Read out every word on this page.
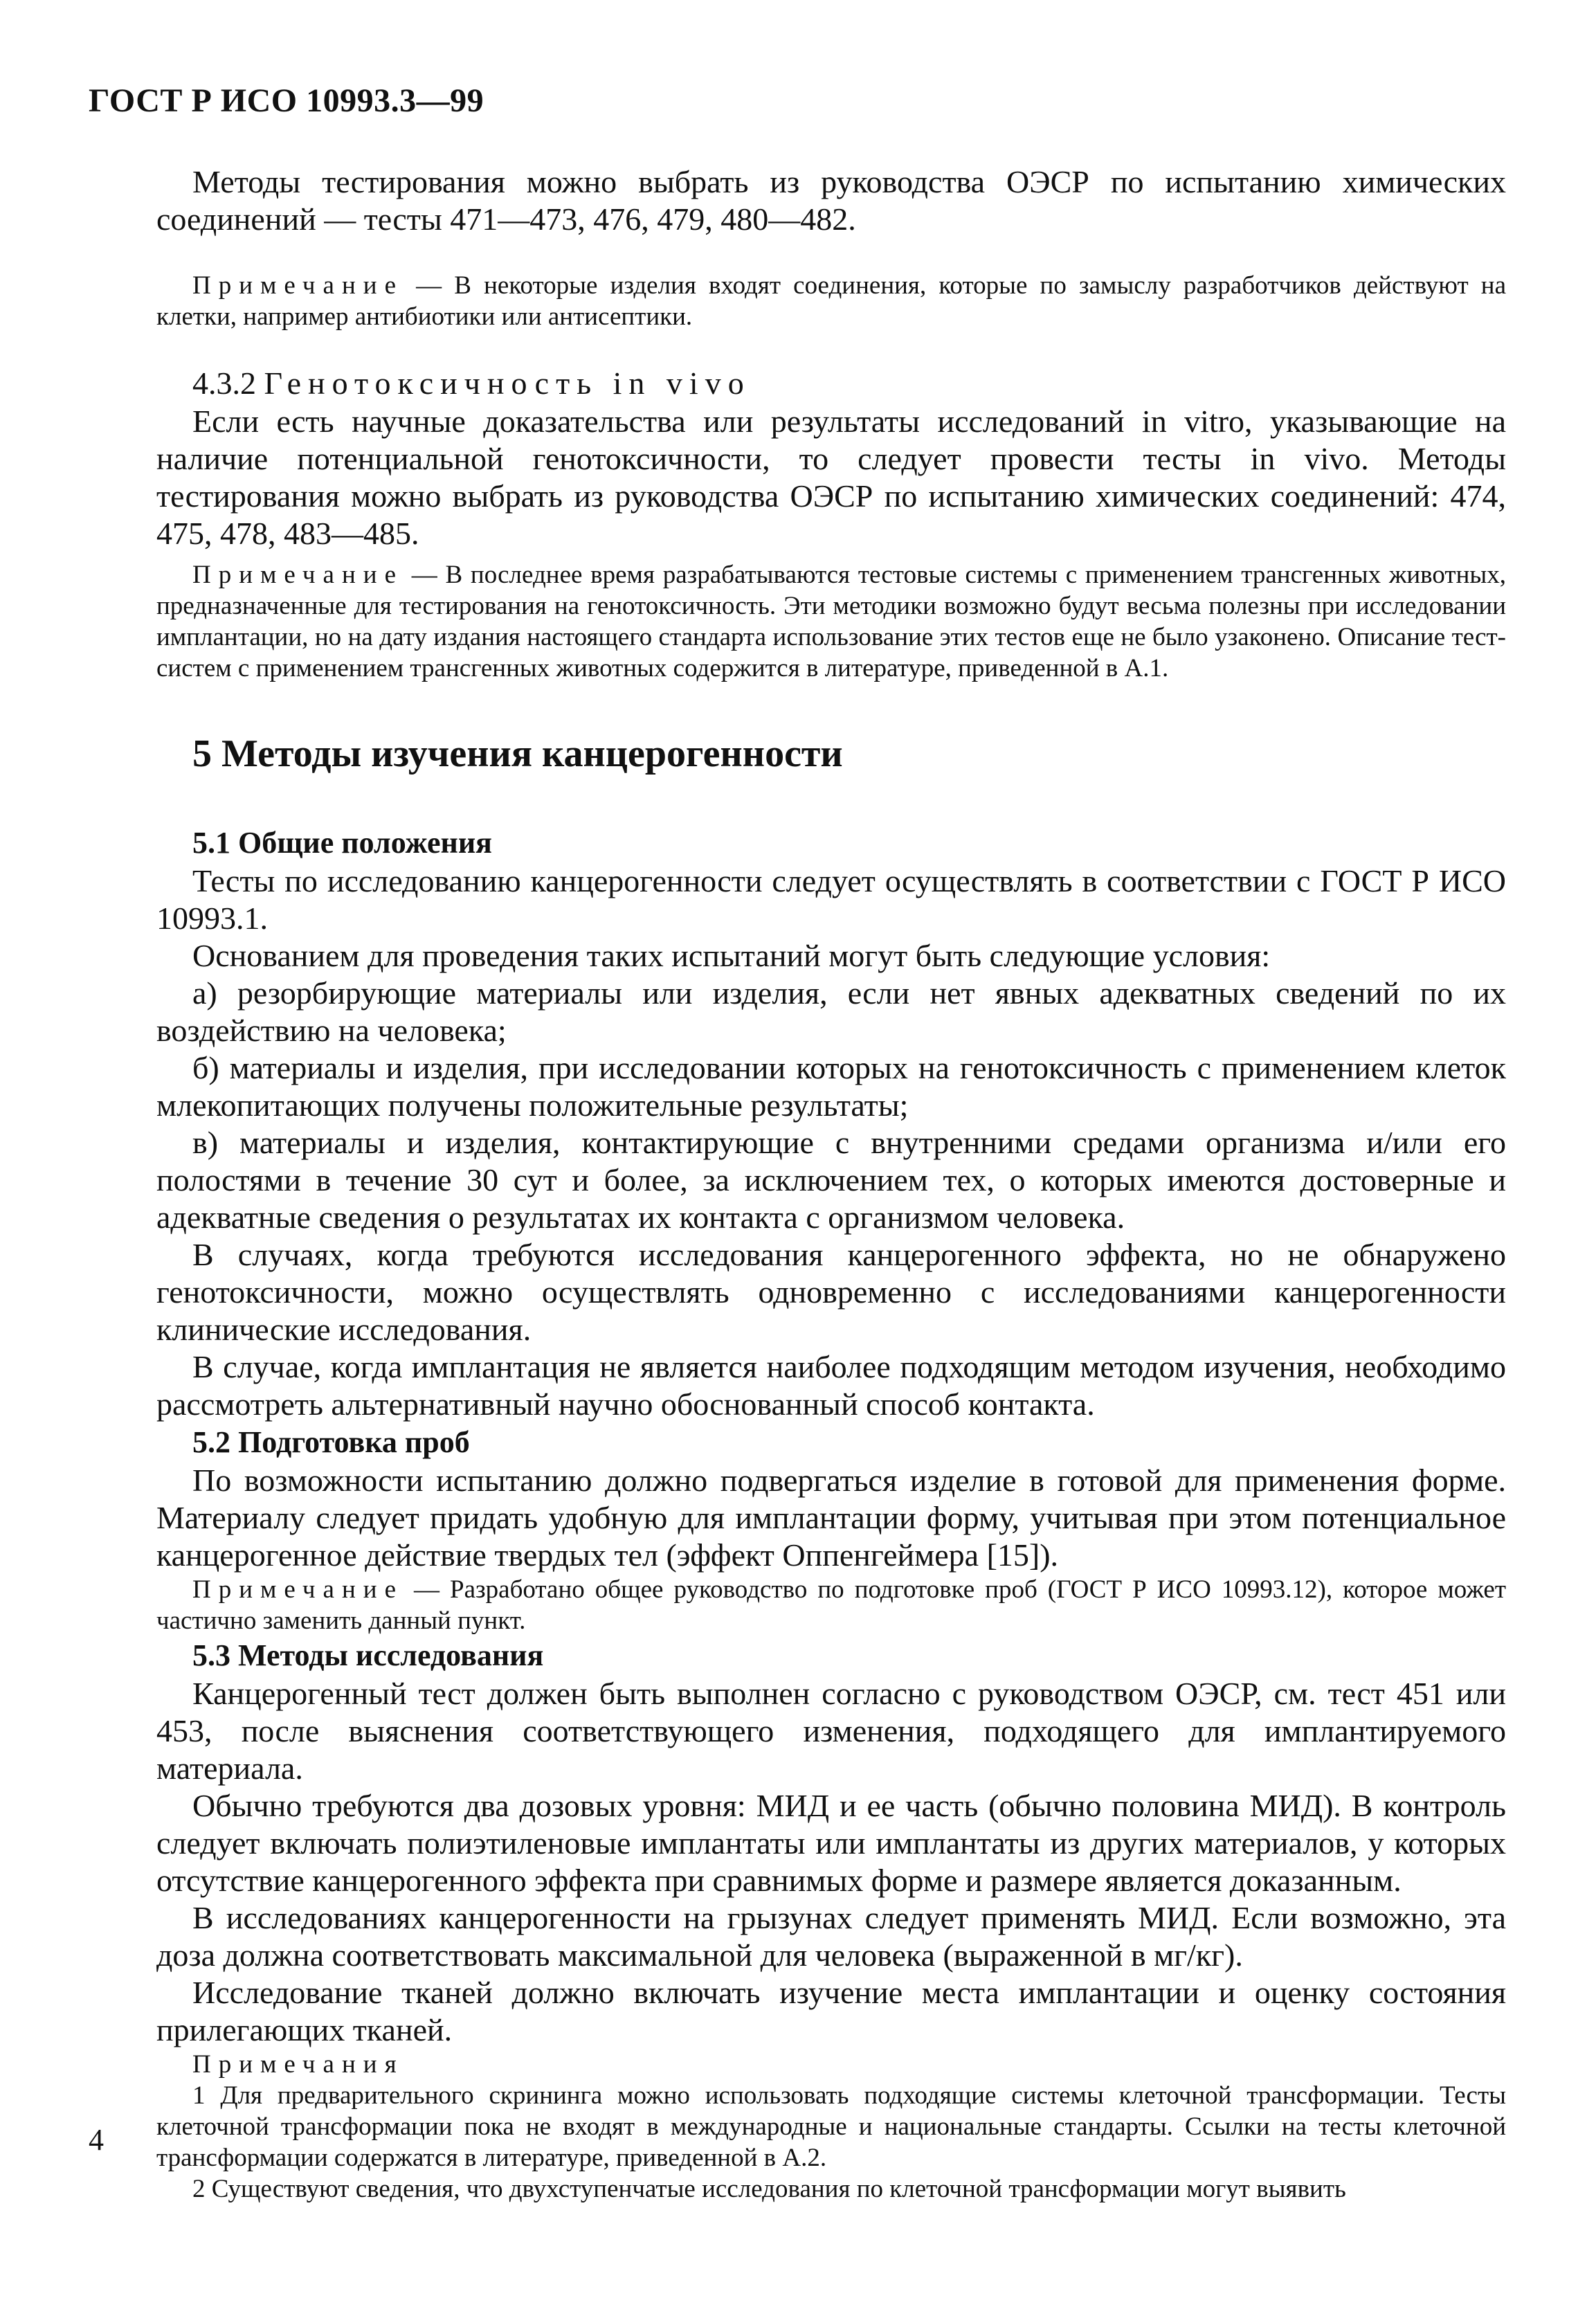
ГОСТ Р ИСО 10993.3—99

Методы тестирования можно выбрать из руководства ОЭСР по испытанию химических соединений — тесты 471—473, 476, 479, 480—482.

Примечание — В некоторые изделия входят соединения, которые по замыслу разработчиков действуют на клетки, например антибиотики или антисептики.

4.3.2 Генотоксичность in vivo

Если есть научные доказательства или результаты исследований in vitro, указывающие на наличие потенциальной генотоксичности, то следует провести тесты in vivo. Методы тестирования можно выбрать из руководства ОЭСР по испытанию химических соединений: 474, 475, 478, 483—485.

Примечание — В последнее время разрабатываются тестовые системы с применением трансгенных животных, предназначенные для тестирования на генотоксичность. Эти методики возможно будут весьма полезны при исследовании имплантации, но на дату издания настоящего стандарта использование этих тестов еще не было узаконено. Описание тест-систем с применением трансгенных животных содержится в литературе, приведенной в А.1.

5 Методы изучения канцерогенности

5.1 Общие положения

Тесты по исследованию канцерогенности следует осуществлять в соответствии с ГОСТ Р ИСО 10993.1.

Основанием для проведения таких испытаний могут быть следующие условия:

а) резорбирующие материалы или изделия, если нет явных адекватных сведений по их воздействию на человека;

б) материалы и изделия, при исследовании которых на генотоксичность с применением клеток млекопитающих получены положительные результаты;

в) материалы и изделия, контактирующие с внутренними средами организма и/или его полостями в течение 30 сут и более, за исключением тех, о которых имеются достоверные и адекватные сведения о результатах их контакта с организмом человека.

В случаях, когда требуются исследования канцерогенного эффекта, но не обнаружено генотоксичности, можно осуществлять одновременно с исследованиями канцерогенности клинические исследования.

В случае, когда имплантация не является наиболее подходящим методом изучения, необходимо рассмотреть альтернативный научно обоснованный способ контакта.

5.2 Подготовка проб

По возможности испытанию должно подвергаться изделие в готовой для применения форме. Материалу следует придать удобную для имплантации форму, учитывая при этом потенциальное канцерогенное действие твердых тел (эффект Оппенгеймера [15]).

Примечание — Разработано общее руководство по подготовке проб (ГОСТ Р ИСО 10993.12), которое может частично заменить данный пункт.

5.3 Методы исследования

Канцерогенный тест должен быть выполнен согласно с руководством ОЭСР, см. тест 451 или 453, после выяснения соответствующего изменения, подходящего для имплантируемого материала.

Обычно требуются два дозовых уровня: МИД и ее часть (обычно половина МИД). В контроль следует включать полиэтиленовые имплантаты или имплантаты из других материалов, у которых отсутствие канцерогенного эффекта при сравнимых форме и размере является доказанным.

В исследованиях канцерогенности на грызунах следует применять МИД. Если возможно, эта доза должна соответствовать максимальной для человека (выраженной в мг/кг).

Исследование тканей должно включать изучение места имплантации и оценку состояния прилегающих тканей.

Примечания

1 Для предварительного скрининга можно использовать подходящие системы клеточной трансформации. Тесты клеточной трансформации пока не входят в международные и национальные стандарты. Ссылки на тесты клеточной трансформации содержатся в литературе, приведенной в А.2.

2 Существуют сведения, что двухступенчатые исследования по клеточной трансформации могут выявить

4
